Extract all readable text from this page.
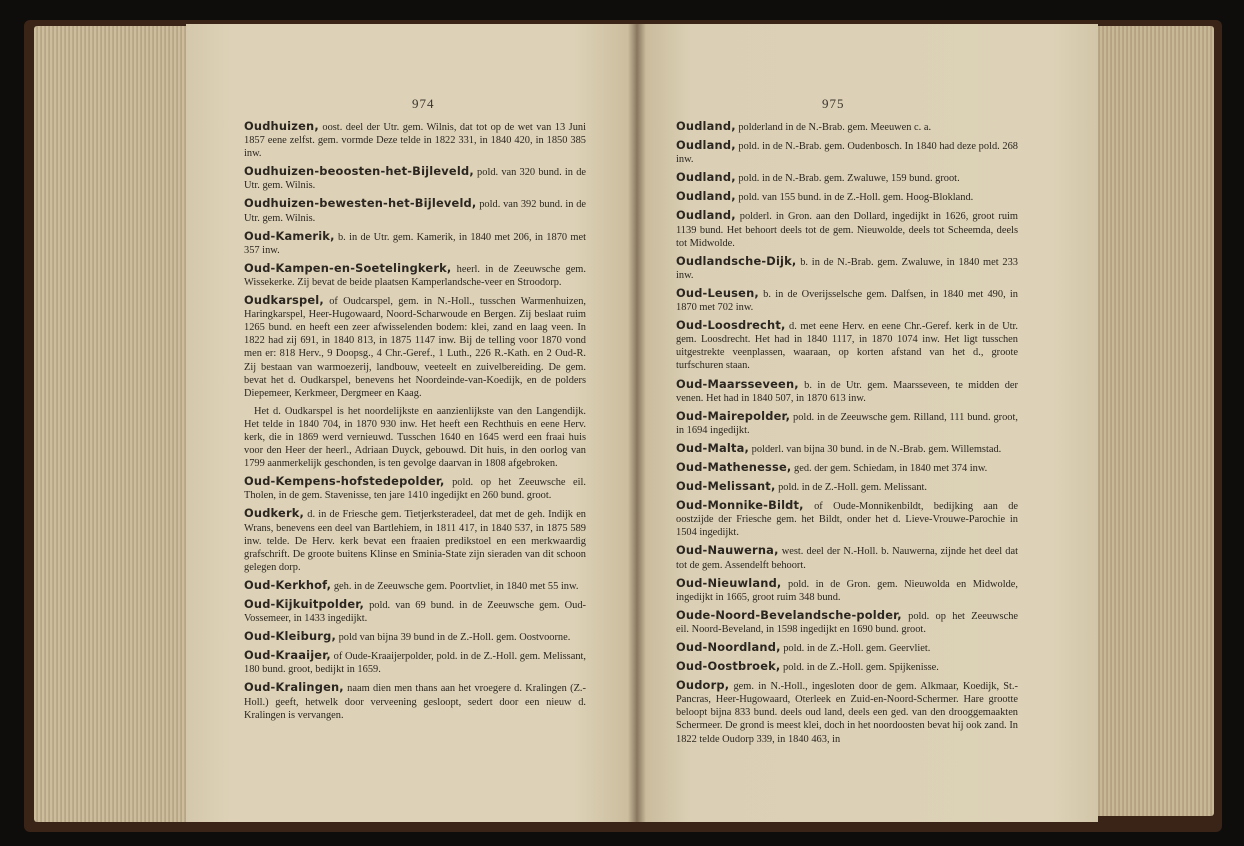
974

Oudhuizen, oost. deel der Utr. gem. Wilnis, dat tot op de wet van 13 Juni 1857 eene zelfst. gem. vormde Deze telde in 1822 331, in 1840 420, in 1850 385 inw.

Oudhuizen-beoosten-het-Bijleveld, pold. van 320 bund. in de Utr. gem. Wilnis.

Oudhuizen-bewesten-het-Bijleveld, pold. van 392 bund. in de Utr. gem. Wilnis.

Oud-Kamerik, b. in de Utr. gem. Kamerik, in 1840 met 206, in 1870 met 357 inw.

Oud-Kampen-en-Soetelingkerk, heerl. in de Zeeuwsche gem. Wissekerke. Zij bevat de beide plaatsen Kamperlandsche-veer en Stroodorp.

Oudkarspel, of Oudcarspel, gem. in N.-Holl., tusschen Warmenhuizen, Haringkarspel, Heer-Hugowaard, Noord-Scharwoude en Bergen. Zij beslaat ruim 1265 bund. en heeft een zeer afwisselenden bodem: klei, zand en laag veen. In 1822 had zij 691, in 1840 813, in 1875 1147 inw. Bij de telling voor 1870 vond men er: 818 Herv., 9 Doopsg., 4 Chr.-Geref., 1 Luth., 226 R.-Kath. en 2 Oud-R. Zij bestaan van warmoezerij, landbouw, veeteelt en zuivelbereiding. De gem. bevat het d. Oudkarspel, benevens het Noordeinde-van-Koedijk, en de polders Diepemeer, Kerkmeer, Dergmeer en Kaag.

Het d. Oudkarspel is het noordelijkste en aanzienlijkste van den Langendijk. Het telde in 1840 704, in 1870 930 inw. Het heeft een Rechthuis en eene Herv. kerk, die in 1869 werd vernieuwd. Tusschen 1640 en 1645 werd een fraai huis voor den Heer der heerl., Adriaan Duyck, gebouwd. Dit huis, in den oorlog van 1799 aanmerkelijk geschonden, is ten gevolge daarvan in 1808 afgebroken.

Oud-Kempens-hofstedepolder, pold. op het Zeeuwsche eil. Tholen, in de gem. Stavenisse, ten jare 1410 ingedijkt en 260 bund. groot.

Oudkerk, d. in de Friesche gem. Tietjerksteradeel, dat met de geh. Indijk en Wrans, benevens een deel van Bartlehiem, in 1811 417, in 1840 537, in 1875 589 inw. telde. De Herv. kerk bevat een fraaien predikstoel en een merkwaardig grafschrift. De groote buitens Klinse en Sminia-State zijn sieraden van dit schoon gelegen dorp.

Oud-Kerkhof, geh. in de Zeeuwsche gem. Poortvliet, in 1840 met 55 inw.

Oud-Kijkuitpolder, pold. van 69 bund. in de Zeeuwsche gem. Oud-Vossemeer, in 1433 ingedijkt.

Oud-Kleiburg, pold van bijna 39 bund in de Z.-Holl. gem. Oostvoorne.

Oud-Kraaijer, of Oude-Kraaijerpolder, pold. in de Z.-Holl. gem. Melissant, 180 bund. groot, bedijkt in 1659.

Oud-Kralingen, naam dien men thans aan het vroegere d. Kralingen (Z.-Holl.) geeft, hetwelk door verveening gesloopt, sedert door een nieuw d. Kralingen is vervangen.

975

Oudland, polderland in de N.-Brab. gem. Meeuwen c. a.

Oudland, pold. in de N.-Brab. gem. Oudenbosch. In 1840 had deze pold. 268 inw.

Oudland, pold. in de N.-Brab. gem. Zwaluwe, 159 bund. groot.

Oudland, pold. van 155 bund. in de Z.-Holl. gem. Hoog-Blokland.

Oudland, polderl. in Gron. aan den Dollard, ingedijkt in 1626, groot ruim 1139 bund. Het behoort deels tot de gem. Nieuwolde, deels tot Scheemda, deels tot Midwolde.

Oudlandsche-Dijk, b. in de N.-Brab. gem. Zwaluwe, in 1840 met 233 inw.

Oud-Leusen, b. in de Overijsselsche gem. Dalfsen, in 1840 met 490, in 1870 met 702 inw.

Oud-Loosdrecht, d. met eene Herv. en eene Chr.-Geref. kerk in de Utr. gem. Loosdrecht. Het had in 1840 1117, in 1870 1074 inw. Het ligt tusschen uitgestrekte veenplassen, waaraan, op korten afstand van het d., groote turfschuren staan.

Oud-Maarsseveen, b. in de Utr. gem. Maarsseveen, te midden der venen. Het had in 1840 507, in 1870 613 inw.

Oud-Mairepolder, pold. in de Zeeuwsche gem. Rilland, 111 bund. groot, in 1694 ingedijkt.

Oud-Malta, polderl. van bijna 30 bund. in de N.-Brab. gem. Willemstad.

Oud-Mathenesse, ged. der gem. Schiedam, in 1840 met 374 inw.

Oud-Melissant, pold. in de Z.-Holl. gem. Melissant.

Oud-Monnike-Bildt, of Oude-Monnikenbildt, bedijking aan de oostzijde der Friesche gem. het Bildt, onder het d. Lieve-Vrouwe-Parochie in 1504 ingedijkt.

Oud-Nauwerna, west. deel der N.-Holl. b. Nauwerna, zijnde het deel dat tot de gem. Assendelft behoort.

Oud-Nieuwland, pold. in de Gron. gem. Nieuwolda en Midwolde, ingedijkt in 1665, groot ruim 348 bund.

Oude-Noord-Bevelandsche-polder, pold. op het Zeeuwsche eil. Noord-Beveland, in 1598 ingedijkt en 1690 bund. groot.

Oud-Noordland, pold. in de Z.-Holl. gem. Geervliet.

Oud-Oostbroek, pold. in de Z.-Holl. gem. Spijkenisse.

Oudorp, gem. in N.-Holl., ingesloten door de gem. Alkmaar, Koedijk, St.-Pancras, Heer-Hugowaard, Oterleek en Zuid-en-Noord-Schermer. Hare grootte beloopt bijna 833 bund. deels oud land, deels een ged. van den drooggemaakten Schermeer. De grond is meest klei, doch in het noordoosten bevat hij ook zand. In 1822 telde Oudorp 339, in 1840 463, in
